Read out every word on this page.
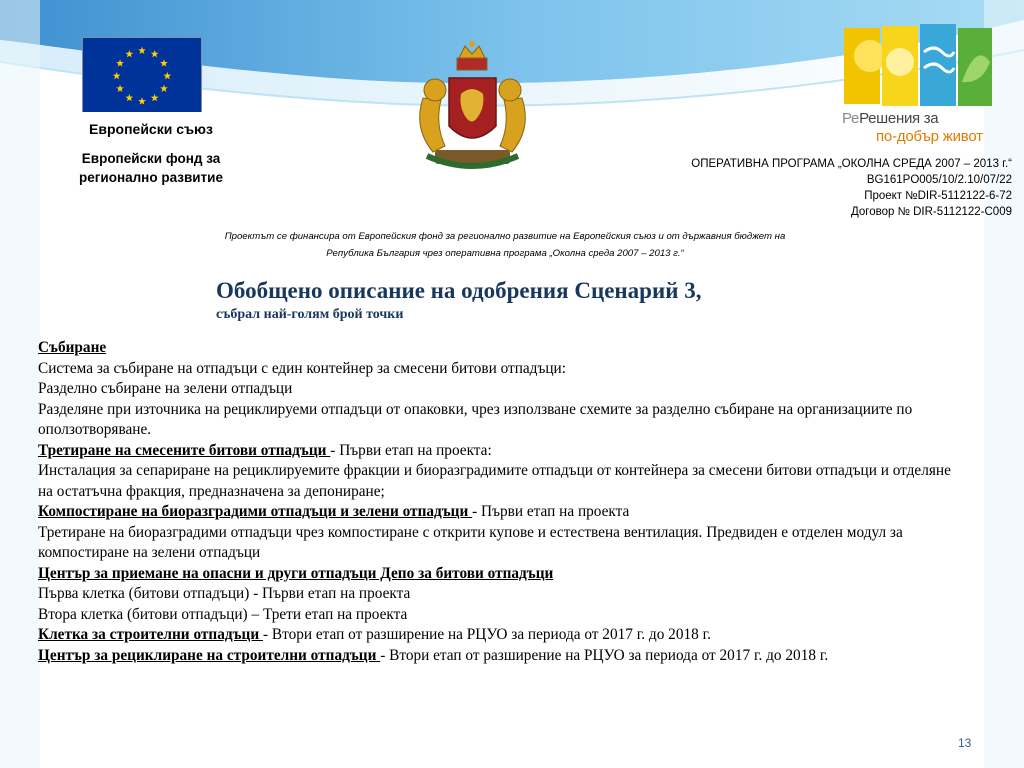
Европейски съюз
Европейски фонд за регионално развитие
РеРешения за
по-добър живот
ОПЕРАТИВНА ПРОГРАМА „ОКОЛНА СРЕДА 2007 – 2013 г.“
BG161PO005/10/2.10/07/22
Проект №DIR-5112122-6-72
Договор № DIR-5112122-C009
Проектът се финансира от Европейския фонд за регионално развитие на Европейския съюз и от държавния бюджет на
Република България чрез оперативна програма „Околна среда 2007 – 2013 г.“
Обобщено описание на одобрения Сценарий 3,
събрал най-голям брой точки

Събиране

Система за събиране на отпадъци с един контейнер за смесени битови отпадъци:

Разделно събиране на зелени отпадъци

Разделяне при източника на рециклируеми отпадъци от опаковки, чрез използване схемите за разделно събиране на организациите по оползотворяване.

Третиране на смесените битови отпадъци - Първи етап на проекта:

Инсталация за сепариране на рециклируемите фракции и биоразградимите отпадъци от контейнера за смесени битови отпадъци и отделяне на остатъчна фракция, предназначена за депониране;

Компостиране на биоразградими отпадъци и зелени отпадъци - Първи етап на проекта

Третиране на биоразградими отпадъци чрез компостиране с открити купове и естествена вентилация. Предвиден е отделен модул за компостиране на зелени отпадъци

Център за приемане на опасни и други отпадъци Депо за битови отпадъци

Първа клетка (битови отпадъци) - Първи етап на проекта

Втора клетка (битови отпадъци) – Трети етап на проекта

Клетка за строителни отпадъци - Втори етап от разширение на РЦУО за периода от 2017 г. до 2018 г.

Център за рециклиране на строителни отпадъци - Втори етап от разширение на РЦУО за периода от 2017 г. до 2018 г.

13
